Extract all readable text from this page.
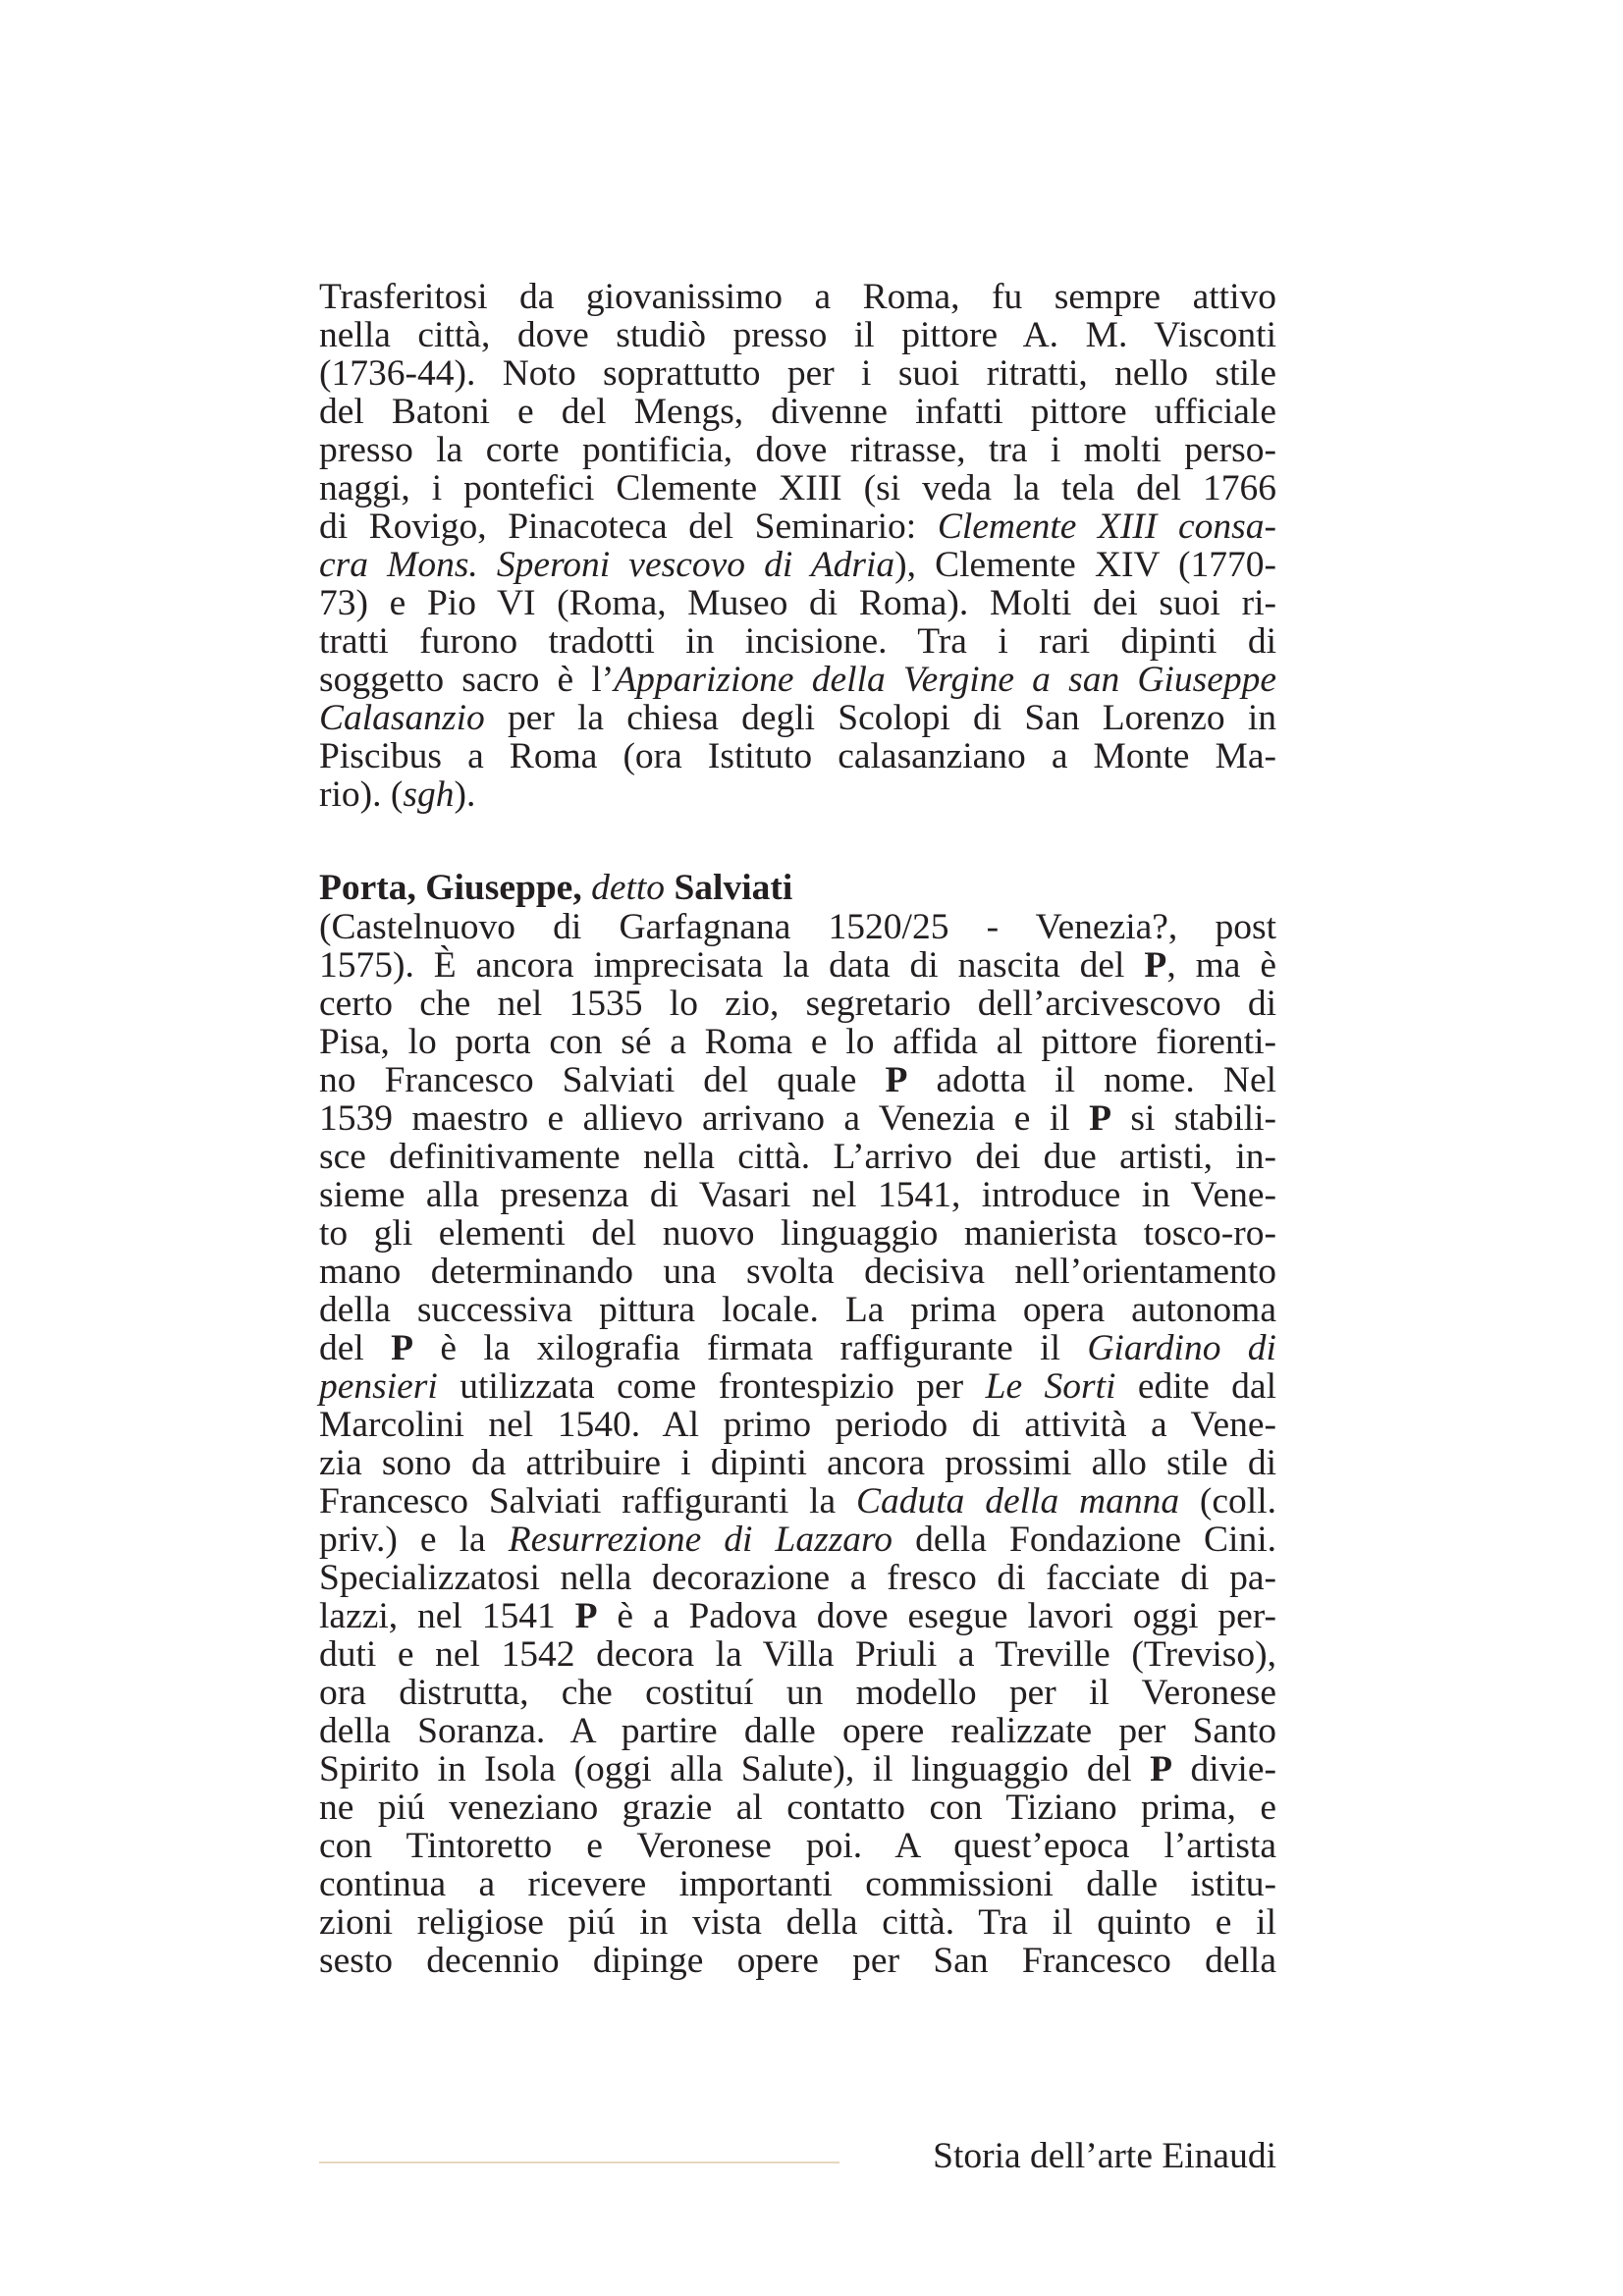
Trasferitosi da giovanissimo a Roma, fu sempre attivo
nella città, dove studiò presso il pittore A. M. Visconti
(1736-44). Noto soprattutto per i suoi ritratti, nello stile
del Batoni e del Mengs, divenne infatti pittore ufficiale
presso la corte pontificia, dove ritrasse, tra i molti perso-
naggi, i pontefici Clemente XIII (si veda la tela del 1766
di Rovigo, Pinacoteca del Seminario: Clemente XIII consa-
cra Mons. Speroni vescovo di Adria), Clemente XIV (1770-
73) e Pio VI (Roma, Museo di Roma). Molti dei suoi ri-
tratti furono tradotti in incisione. Tra i rari dipinti di
soggetto sacro è l’Apparizione della Vergine a san Giuseppe
Calasanzio per la chiesa degli Scolopi di San Lorenzo in
Piscibus a Roma (ora Istituto calasanziano a Monte Ma-
rio). (sgh).

Porta, Giuseppe, detto Salviati

(Castelnuovo di Garfagnana 1520/25 - Venezia?, post
1575). È ancora imprecisata la data di nascita del P, ma è
certo che nel 1535 lo zio, segretario dell’arcivescovo di
Pisa, lo porta con sé a Roma e lo affida al pittore fiorenti-
no Francesco Salviati del quale P adotta il nome. Nel
1539 maestro e allievo arrivano a Venezia e il P si stabili-
sce definitivamente nella città. L’arrivo dei due artisti, in-
sieme alla presenza di Vasari nel 1541, introduce in Vene-
to gli elementi del nuovo linguaggio manierista tosco-ro-
mano determinando una svolta decisiva nell’orientamento
della successiva pittura locale. La prima opera autonoma
del P è la xilografia firmata raffigurante il Giardino di
pensieri utilizzata come frontespizio per Le Sorti edite dal
Marcolini nel 1540. Al primo periodo di attività a Vene-
zia sono da attribuire i dipinti ancora prossimi allo stile di
Francesco Salviati raffiguranti la Caduta della manna (coll.
priv.) e la Resurrezione di Lazzaro della Fondazione Cini.
Specializzatosi nella decorazione a fresco di facciate di pa-
lazzi, nel 1541 P è a Padova dove esegue lavori oggi per-
duti e nel 1542 decora la Villa Priuli a Treville (Treviso),
ora distrutta, che costituí un modello per il Veronese
della Soranza. A partire dalle opere realizzate per Santo
Spirito in Isola (oggi alla Salute), il linguaggio del P divie-
ne piú veneziano grazie al contatto con Tiziano prima, e
con Tintoretto e Veronese poi. A quest’epoca l’artista
continua a ricevere importanti commissioni dalle istitu-
zioni religiose piú in vista della città. Tra il quinto e il
sesto decennio dipinge opere per San Francesco della

Storia dell’arte Einaudi
